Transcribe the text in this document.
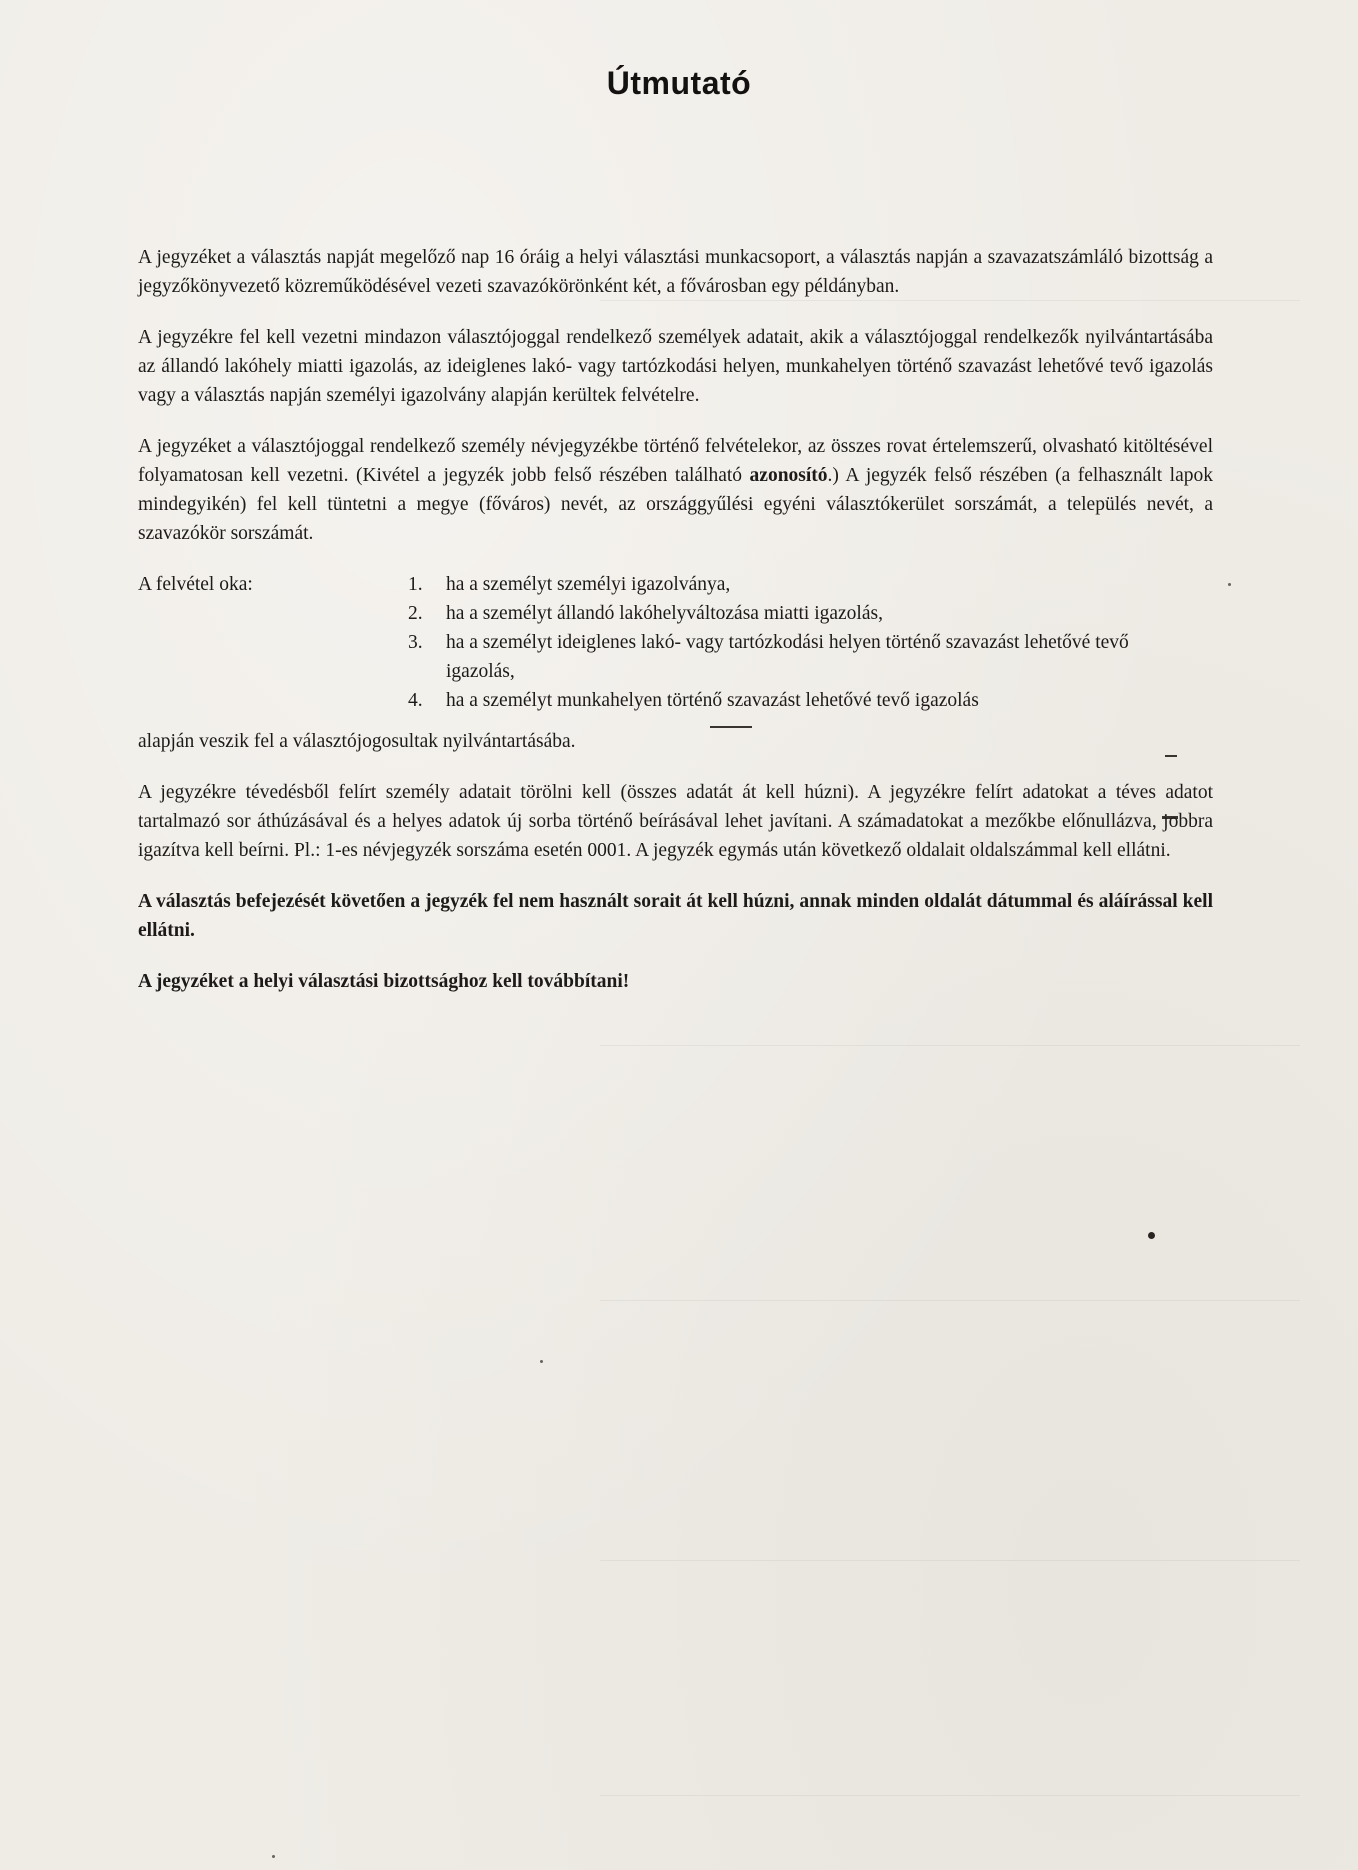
Útmutató

A jegyzéket a választás napját megelőző nap 16 óráig a helyi választási munkacsoport, a választás napján a szavazatszámláló bizottság a jegyzőkönyvezető közreműködésével vezeti szavazókörönként két, a fővárosban egy példányban.

A jegyzékre fel kell vezetni mindazon választójoggal rendelkező személyek adatait, akik a választójoggal rendelkezők nyilvántartásába az állandó lakóhely miatti igazolás, az ideiglenes lakó- vagy tartózkodási helyen, munkahelyen történő szavazást lehetővé tevő igazolás vagy a választás napján személyi igazolvány alapján kerültek felvételre.

A jegyzéket a választójoggal rendelkező személy névjegyzékbe történő felvételekor, az összes rovat értelemszerű, olvasható kitöltésével folyamatosan kell vezetni. (Kivétel a jegyzék jobb felső részében található azonosító.) A jegyzék felső részében (a felhasznált lapok mindegyikén) fel kell tüntetni a megye (főváros) nevét, az országgyűlési egyéni választókerület sorszámát, a település nevét, a szavazókör sorszámát.

A felvétel oka:	1.	ha a személyt személyi igazolványa,
2.	ha a személyt állandó lakóhelyváltozása miatti igazolás,
3.	ha a személyt ideiglenes lakó- vagy tartózkodási helyen történő szavazást lehetővé tevő igazolás,
4.	ha a személyt munkahelyen történő szavazást lehetővé tevő igazolás

alapján veszik fel a választójogosultak nyilvántartásába.

A jegyzékre tévedésből felírt személy adatait törölni kell (összes adatát át kell húzni). A jegyzékre felírt adatokat a téves adatot tartalmazó sor áthúzásával és a helyes adatok új sorba történő beírásával lehet javítani. A számadatokat a mezőkbe előnullázva, jobbra igazítva kell beírni. Pl.: 1-es névjegyzék sorszáma esetén 0001. A jegyzék egymás után következő oldalait oldalszámmal kell ellátni.

A választás befejezését követően a jegyzék fel nem használt sorait át kell húzni, annak minden oldalát dátummal és aláírással kell ellátni.

A jegyzéket a helyi választási bizottsághoz kell továbbítani!
